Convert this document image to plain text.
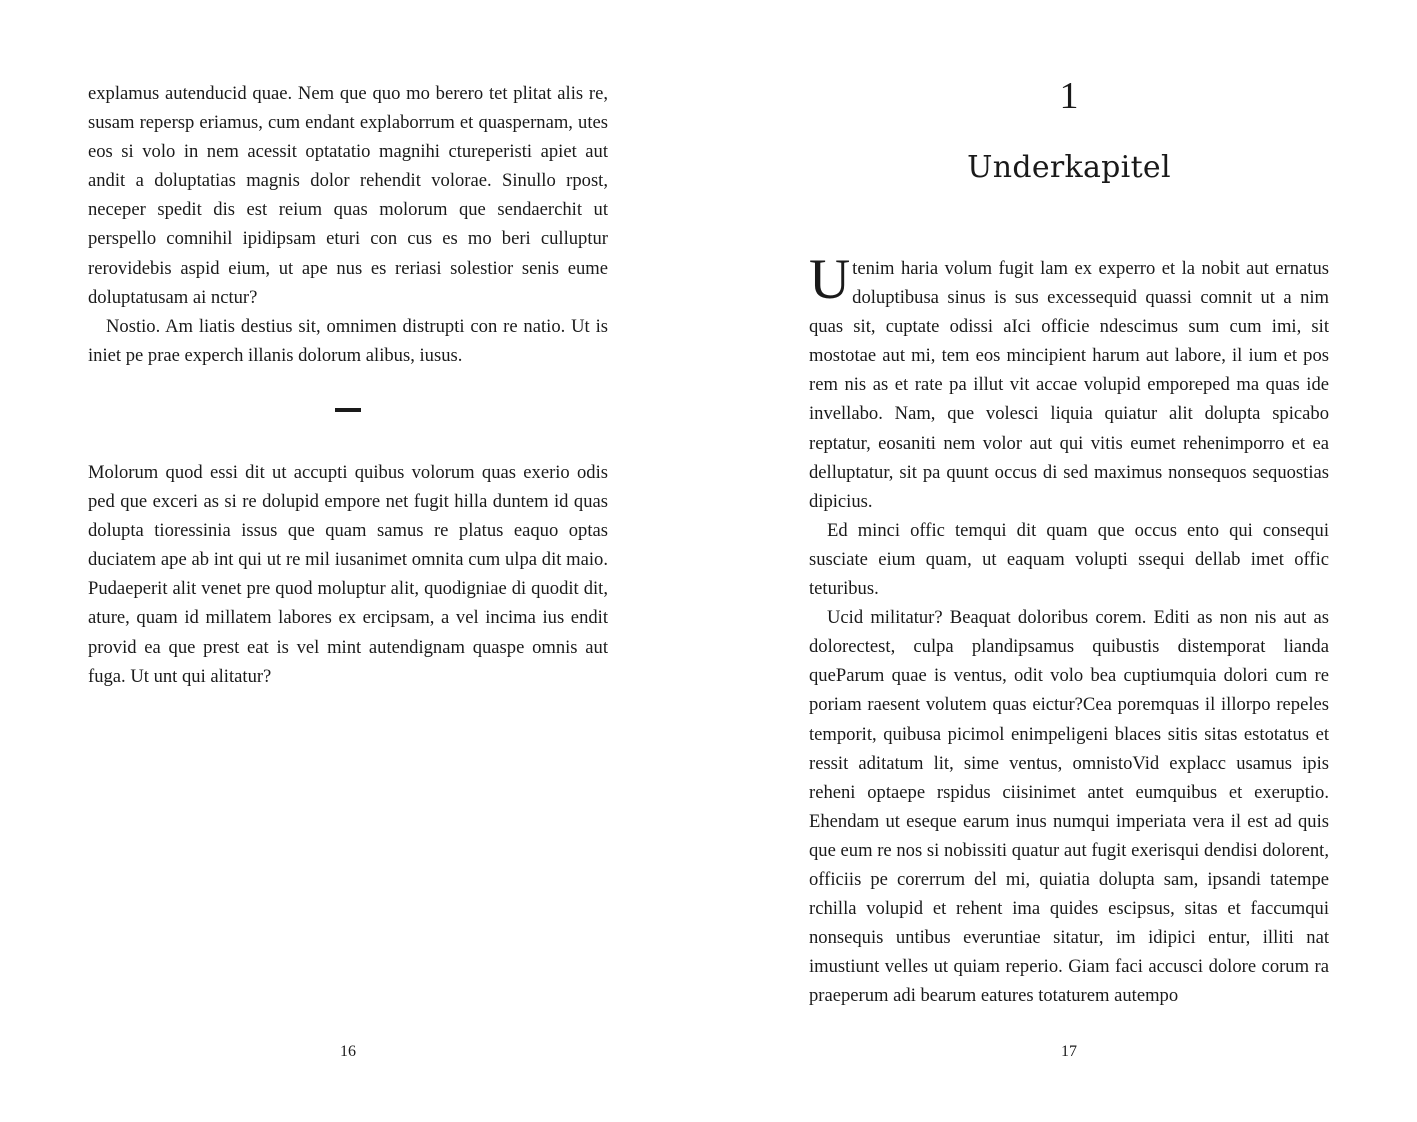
explamus autenducid quae. Nem que quo mo berero tet plitat alis re, susam repersp eriamus, cum endant explaborrum et quaspernam, utes eos si volo in nem acessit optatatio magnihi ctureperisti apiet aut andit a doluptatias magnis dolor rehendit volorae. Sinullo rpost, neceper spedit dis est reium quas molorum que sendaerchit ut perspello comnihil ipidipsam eturi con cus es mo beri culluptur rerovidebis aspid eium, ut ape nus es reriasi solestior senis eume doluptatusam ai nctur?

Nostio. Am liatis destius sit, omnimen distrupti con re natio. Ut is iniet pe prae experch illanis dolorum alibus, iusus.

Molorum quod essi dit ut accupti quibus volorum quas exerio odis ped que exceri as si re dolupid empore net fugit hilla duntem id quas dolupta tioressinia issus que quam samus re platus eaquo optas duciatem ape ab int qui ut re mil iusanimet omnita cum ulpa dit maio. Pudaeperit alit venet pre quod moluptur alit, quodigniae di quodit dit, ature, quam id millatem labores ex ercipsam, a vel incima ius endit provid ea que prest eat is vel mint autendignam quaspe omnis aut fuga. Ut unt qui alitatur?

16
1
Underkapitel

Utenim haria volum fugit lam ex experro et la nobit aut ernatus doluptibusa sinus is sus excessequid quassi comnit ut a nim quas sit, cuptate odissi aIci officie ndescimus sum cum imi, sit mostotae aut mi, tem eos mincipient harum aut labore, il ium et pos rem nis as et rate pa illut vit accae volupid emporeped ma quas ide invellabo. Nam, que volesci liquia quiatur alit dolupta spicabo reptatur, eosaniti nem volor aut qui vitis eumet rehenimporro et ea delluptatur, sit pa quunt occus di sed maximus nonsequos sequostias dipicius.

Ed minci offic temqui dit quam que occus ento qui consequi susciate eium quam, ut eaquam volupti ssequi dellab imet offic teturibus.

Ucid militatur? Beaquat doloribus corem. Editi as non nis aut as dolorectest, culpa plandipsamus quibustis distemporat lianda queParum quae is ventus, odit volo bea cuptiumquia dolori cum re poriam raesent volutem quas eictur?Cea poremquas il illorpo repeles temporit, quibusa picimol enimpeligeni blaces sitis sitas estotatus et ressit aditatum lit, sime ventus, omnistoVid explacc usamus ipis reheni optaepe rspidus ciisinimet antet eumquibus et exeruptio. Ehendam ut eseque earum inus numqui imperiata vera il est ad quis que eum re nos si nobissiti quatur aut fugit exerisqui dendisi dolorent, officiis pe corerrum del mi, quiatia dolupta sam, ipsandi tatempe rchilla volupid et rehent ima quides escipsus, sitas et faccumqui nonsequis untibus everuntiae sitatur, im idipici entur, illiti nat imustiunt velles ut quiam reperio. Giam faci accusci dolore corum ra praeperum adi bearum eatures totaturem autempo

17
